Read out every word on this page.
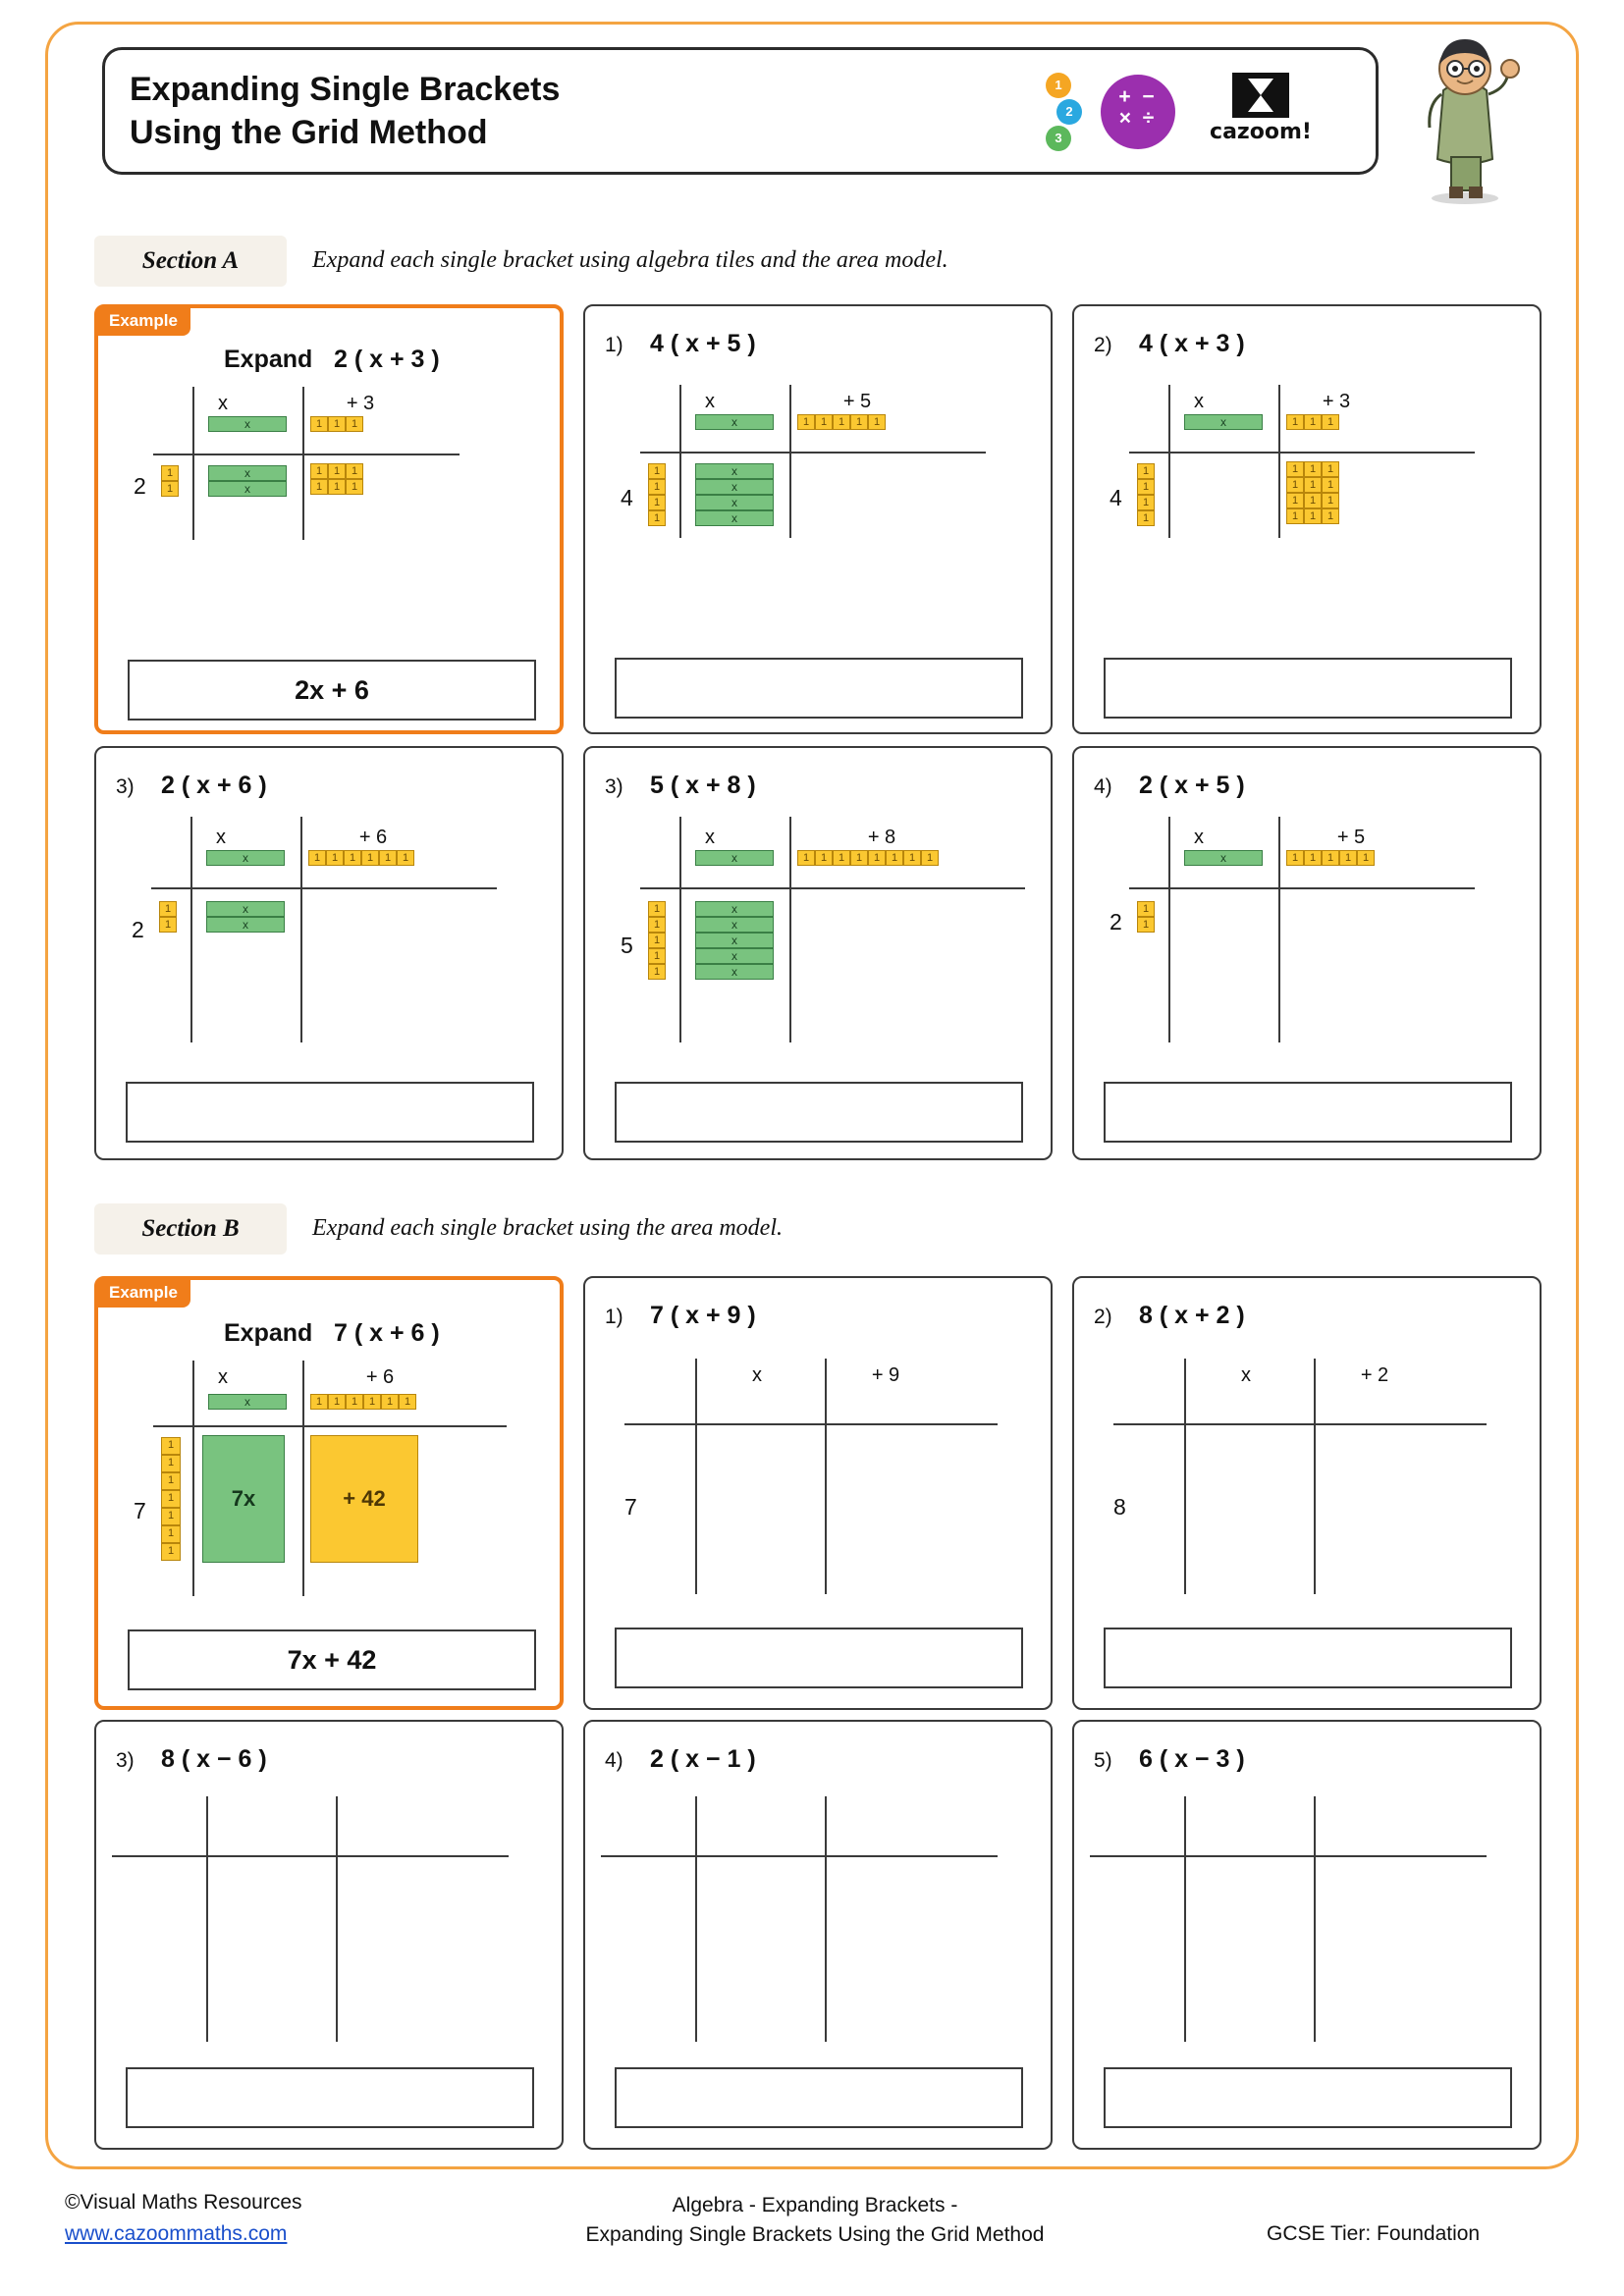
Expanding Single Brackets
Using the Grid Method
1
2
3
+ −
× ÷
cazoom!
Section A	Expand each single bracket using algebra tiles and the area model.
Example
Expand 2 ( x + 3 )
x	+ 3
2
x	1	1	1
1
1
x
x
1	1	1
1	1	1
2x + 6
1) 4 ( x + 5 )
x	+ 5
4
x	1	1	1	1	1
1
1
1
1
x
x
x
x
2) 4 ( x + 3 )
x	+ 3
4
x	1	1	1
1
1
1
1
1	1	1
1	1	1
1	1	1
1	1	1
3) 2 ( x + 6 )
x	+ 6
2
x	1	1	1	1	1	1
1
1
x
x
3) 5 ( x + 8 )
x	+ 8
5
x	1	1	1	1	1	1	1	1
1
1
1
1
1
x
x
x
x
x
4) 2 ( x + 5 )
x	+ 5
2
x	1	1	1	1	1
1
1
Section B	Expand each single bracket using the area model.
Example
Expand 7 ( x + 6 )
x	+ 6
7
x	1	1	1	1	1	1
1
1
1
1
1
1
1
7x	+ 42
7x + 42
1) 7 ( x + 9 )
x	+ 9
7
2) 8 ( x + 2 )
x	+ 2
8
3) 8 ( x − 6 )	4) 2 ( x − 1 )	5) 6 ( x − 3 )
©Visual Maths Resources
www.cazoommaths.com
Algebra - Expanding Brackets -
Expanding Single Brackets Using the Grid Method	GCSE Tier: Foundation
